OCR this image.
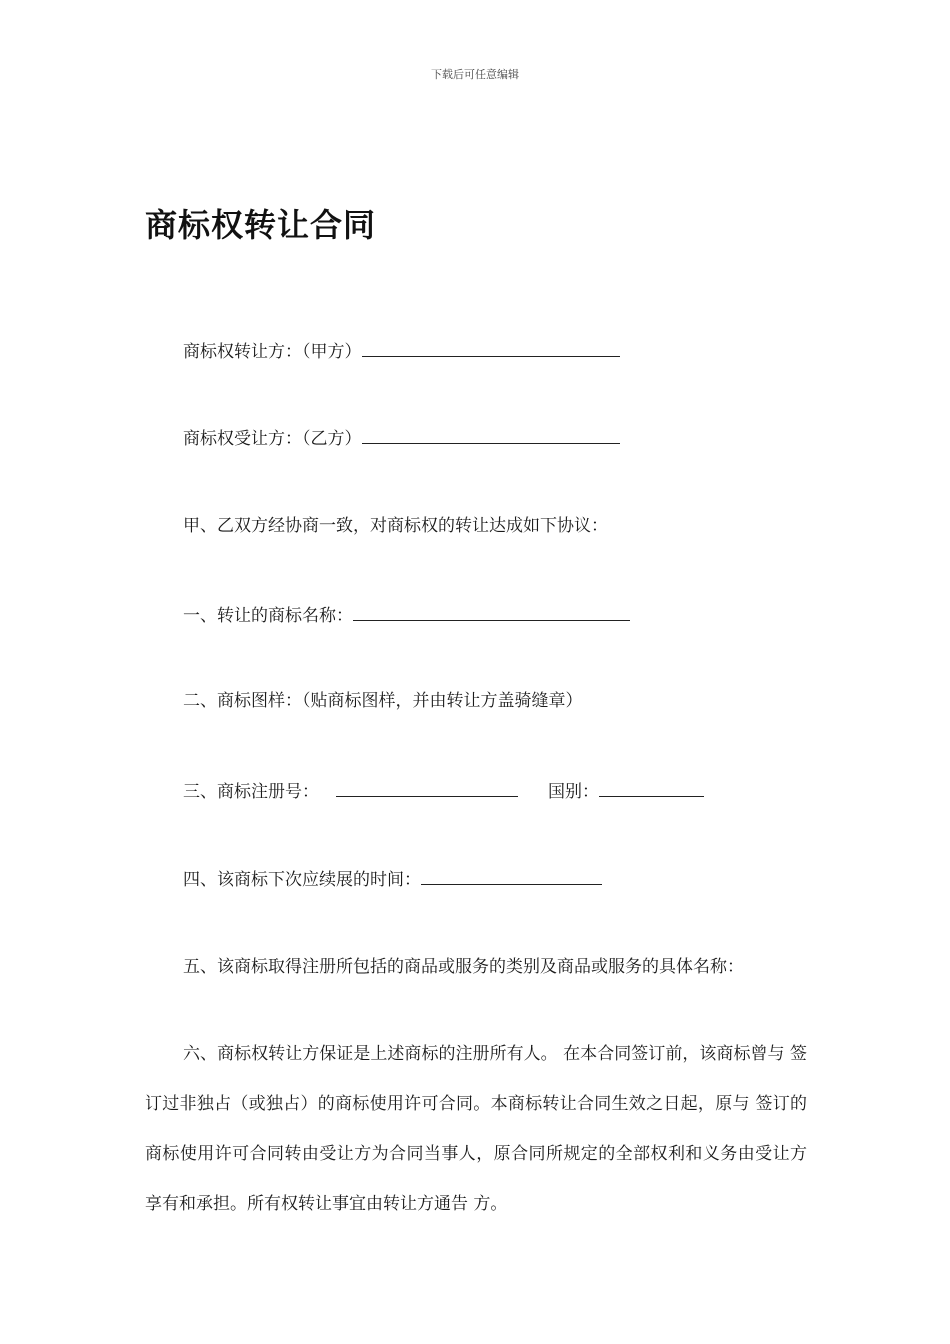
下载后可任意编辑
商标权转让合同
商标权转让方：（甲方）
商标权受让方：（乙方）
甲、乙双方经协商一致，对商标权的转让达成如下协议：
一、转让的商标名称：
二、商标图样：（贴商标图样，并由转让方盖骑缝章）
三、商标注册号：	国别：
四、该商标下次应续展的时间：
五、该商标取得注册所包括的商品或服务的类别及商品或服务的具体名称：
六、商标权转让方保证是上述商标的注册所有人。 在本合同签订前，该商标曾与 签订过非独占（或独占）的商标使用许可合同。本商标转让合同生效之日起，原与 签订的商标使用许可合同转由受让方为合同当事人，原合同所规定的全部权利和义务由受让方享有和承担。所有权转让事宜由转让方通告 方。
